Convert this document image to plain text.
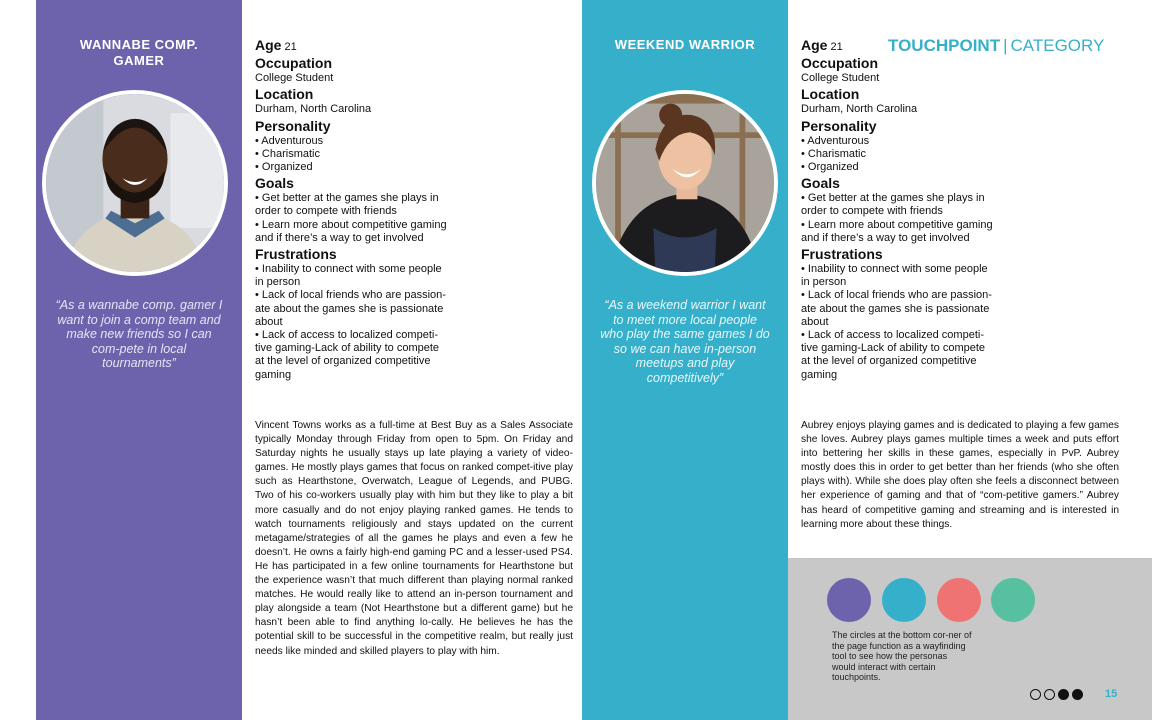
WANNABE COMP. GAMER
“As a wannabe comp. gamer I want to join a comp team and make new friends so I can com-pete in local tournaments”
Age 21
Occupation
College Student
Location
Durham, North Carolina
Personality
• Adventurous
• Charismatic
• Organized
Goals
• Get better at the games she plays in
order to compete with friends
• Learn more about competitive gaming
and if there’s a way to get involved
Frustrations
• Inability to connect with some people
in person
• Lack of local friends who are passion-
ate about the games she is passionate
about
• Lack of access to localized competi-
tive gaming-Lack of ability to compete
at the level of organized competitive
gaming
Vincent Towns works as a full-time at Best Buy as a Sales Associate typically Monday through Friday from open to 5pm. On Friday and Saturday nights he usually stays up late playing a variety of video-games. He mostly plays games that focus on ranked compet-itive play such as Hearthstone, Overwatch, League of Legends, and PUBG. Two of his co-workers usually play with him but they like to play a bit more casually and do not enjoy playing ranked games. He tends to watch tournaments religiously and stays updated on the current metagame/strategies of all the games he plays and even a few he doesn’t. He owns a fairly high-end gaming PC and a lesser-used PS4. He has participated in a few online tournaments for Hearthstone but the experience wasn’t that much different than playing normal ranked matches. He would really like to attend an in-person tournament and play alongside a team (Not Hearthstone but a different game) but he hasn’t been able to find anything lo-cally. He believes he has the potential skill to be successful in the competitive realm, but really just needs like minded and skilled players to play with him.
WEEKEND WARRIOR
“As a weekend warrior I want to meet more local people who play the same games I do so we can have in-person meetups and play competitively”
Age 21
Occupation
College Student
Location
Durham, North Carolina
Personality
• Adventurous
• Charismatic
• Organized
Goals
• Get better at the games she plays in
order to compete with friends
• Learn more about competitive gaming
and if there’s a way to get involved
Frustrations
• Inability to connect with some people
in person
• Lack of local friends who are passion-
ate about the games she is passionate
about
• Lack of access to localized competi-
tive gaming-Lack of ability to compete
at the level of organized competitive
gaming
Aubrey enjoys playing games and is dedicated to playing a few games she loves. Aubrey plays games multiple times a week and puts effort into bettering her skills in these games, especially in PvP. Aubrey mostly does this in order to get better than her friends (who she often plays with). While she does play often she feels a disconnect between her experience of gaming and that of “com-petitive gamers.” Aubrey has heard of competitive gaming and streaming and is interested in learning more about these things.
TOUCHPOINT | CATEGORY
The circles at the bottom cor-ner of the page function as a wayfinding tool to see how the personas would interact with certain touchpoints.
15
